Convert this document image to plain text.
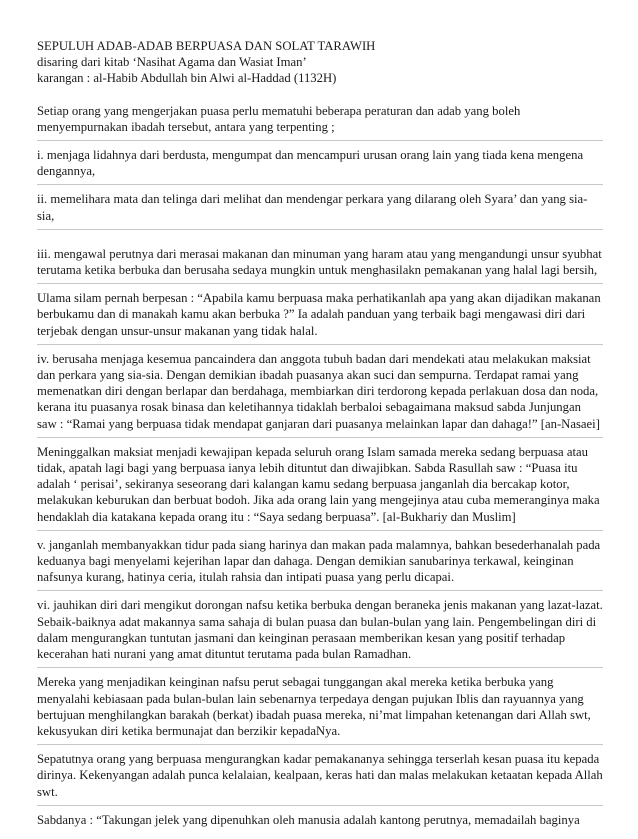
SEPULUH ADAB-ADAB BERPUASA DAN SOLAT TARAWIH
disaring dari kitab ‘Nasihat Agama dan Wasiat Iman’
karangan : al-Habib Abdullah bin Alwi al-Haddad (1132H)

Setiap orang yang mengerjakan puasa perlu mematuhi beberapa peraturan dan adab yang boleh menyempurnakan ibadah tersebut, antara yang terpenting ;

i. menjaga lidahnya dari berdusta, mengumpat dan mencampuri urusan orang lain yang tiada kena mengena dengannya,

ii. memelihara mata dan telinga dari melihat dan mendengar perkara yang dilarang oleh Syara’ dan yang sia-sia,

iii. mengawal perutnya dari merasai makanan dan minuman yang haram atau yang mengandungi unsur syubhat terutama ketika berbuka dan berusaha sedaya mungkin untuk menghasilakn pemakanan yang halal lagi bersih,

Ulama silam pernah berpesan : “Apabila kamu berpuasa maka perhatikanlah apa yang akan dijadikan makanan berbukamu dan di manakah kamu akan berbuka ?” Ia adalah panduan yang terbaik bagi mengawasi diri dari terjebak dengan unsur-unsur makanan yang tidak halal.

iv. berusaha menjaga kesemua pancaindera dan anggota tubuh badan dari mendekati atau melakukan maksiat dan perkara yang sia-sia. Dengan demikian ibadah puasanya akan suci dan sempurna. Terdapat ramai yang memenatkan diri dengan berlapar dan berdahaga, membiarkan diri terdorong kepada perlakuan dosa dan noda, kerana itu puasanya rosak binasa dan keletihannya tidaklah berbaloi sebagaimana maksud sabda Junjungan saw : “Ramai yang berpuasa tidak mendapat ganjaran dari puasanya melainkan lapar dan dahaga!” [an-Nasaei]

Meninggalkan maksiat menjadi kewajipan kepada seluruh orang Islam samada mereka sedang berpuasa atau tidak, apatah lagi bagi yang berpuasa ianya lebih dituntut dan diwajibkan. Sabda Rasullah saw : “Puasa itu adalah ‘ perisai’, sekiranya seseorang dari kalangan kamu sedang berpuasa janganlah dia bercakap kotor, melakukan keburukan dan berbuat bodoh. Jika ada orang lain yang mengejinya atau cuba memeranginya maka hendaklah dia katakana kepada orang itu : “Saya sedang berpuasa”. [al-Bukhariy dan Muslim]

v. janganlah membanyakkan tidur pada siang harinya dan makan pada malamnya, bahkan besederhanalah pada keduanya bagi menyelami kejerihan lapar dan dahaga. Dengan demikian sanubarinya terkawal, keinginan nafsunya kurang, hatinya ceria, itulah rahsia dan intipati puasa yang perlu dicapai.

vi. jauhikan diri dari mengikut dorongan nafsu ketika berbuka dengan beraneka jenis makanan yang lazat-lazat. Sebaik-baiknya adat makannya sama sahaja di bulan puasa dan bulan-bulan yang lain. Pengembelingan diri di dalam mengurangkan tuntutan jasmani dan keinginan perasaan memberikan kesan yang positif terhadap kecerahan hati nurani yang amat dituntut terutama pada bulan Ramadhan.

Mereka yang menjadikan keinginan nafsu perut sebagai tunggangan akal mereka ketika berbuka yang menyalahi kebiasaan pada bulan-bulan lain sebenarnya terpedaya dengan pujukan Iblis dan rayuannya yang bertujuan menghilangkan barakah (berkat) ibadah puasa mereka, ni’mat limpahan ketenangan dari Allah swt, kekusyukan diri ketika bermunajat dan berzikir kepadaNya.

Sepatutnya orang yang berpuasa mengurangkan kadar pemakananya sehingga terserlah kesan puasa itu kepada dirinya. Kekenyangan adalah punca kelalaian, kealpaan, keras hati dan malas melakukan ketaatan kepada Allah swt.

Sabdanya : “Takungan jelek yang dipenuhkan oleh manusia adalah kantong perutnya, memadailah baginya
